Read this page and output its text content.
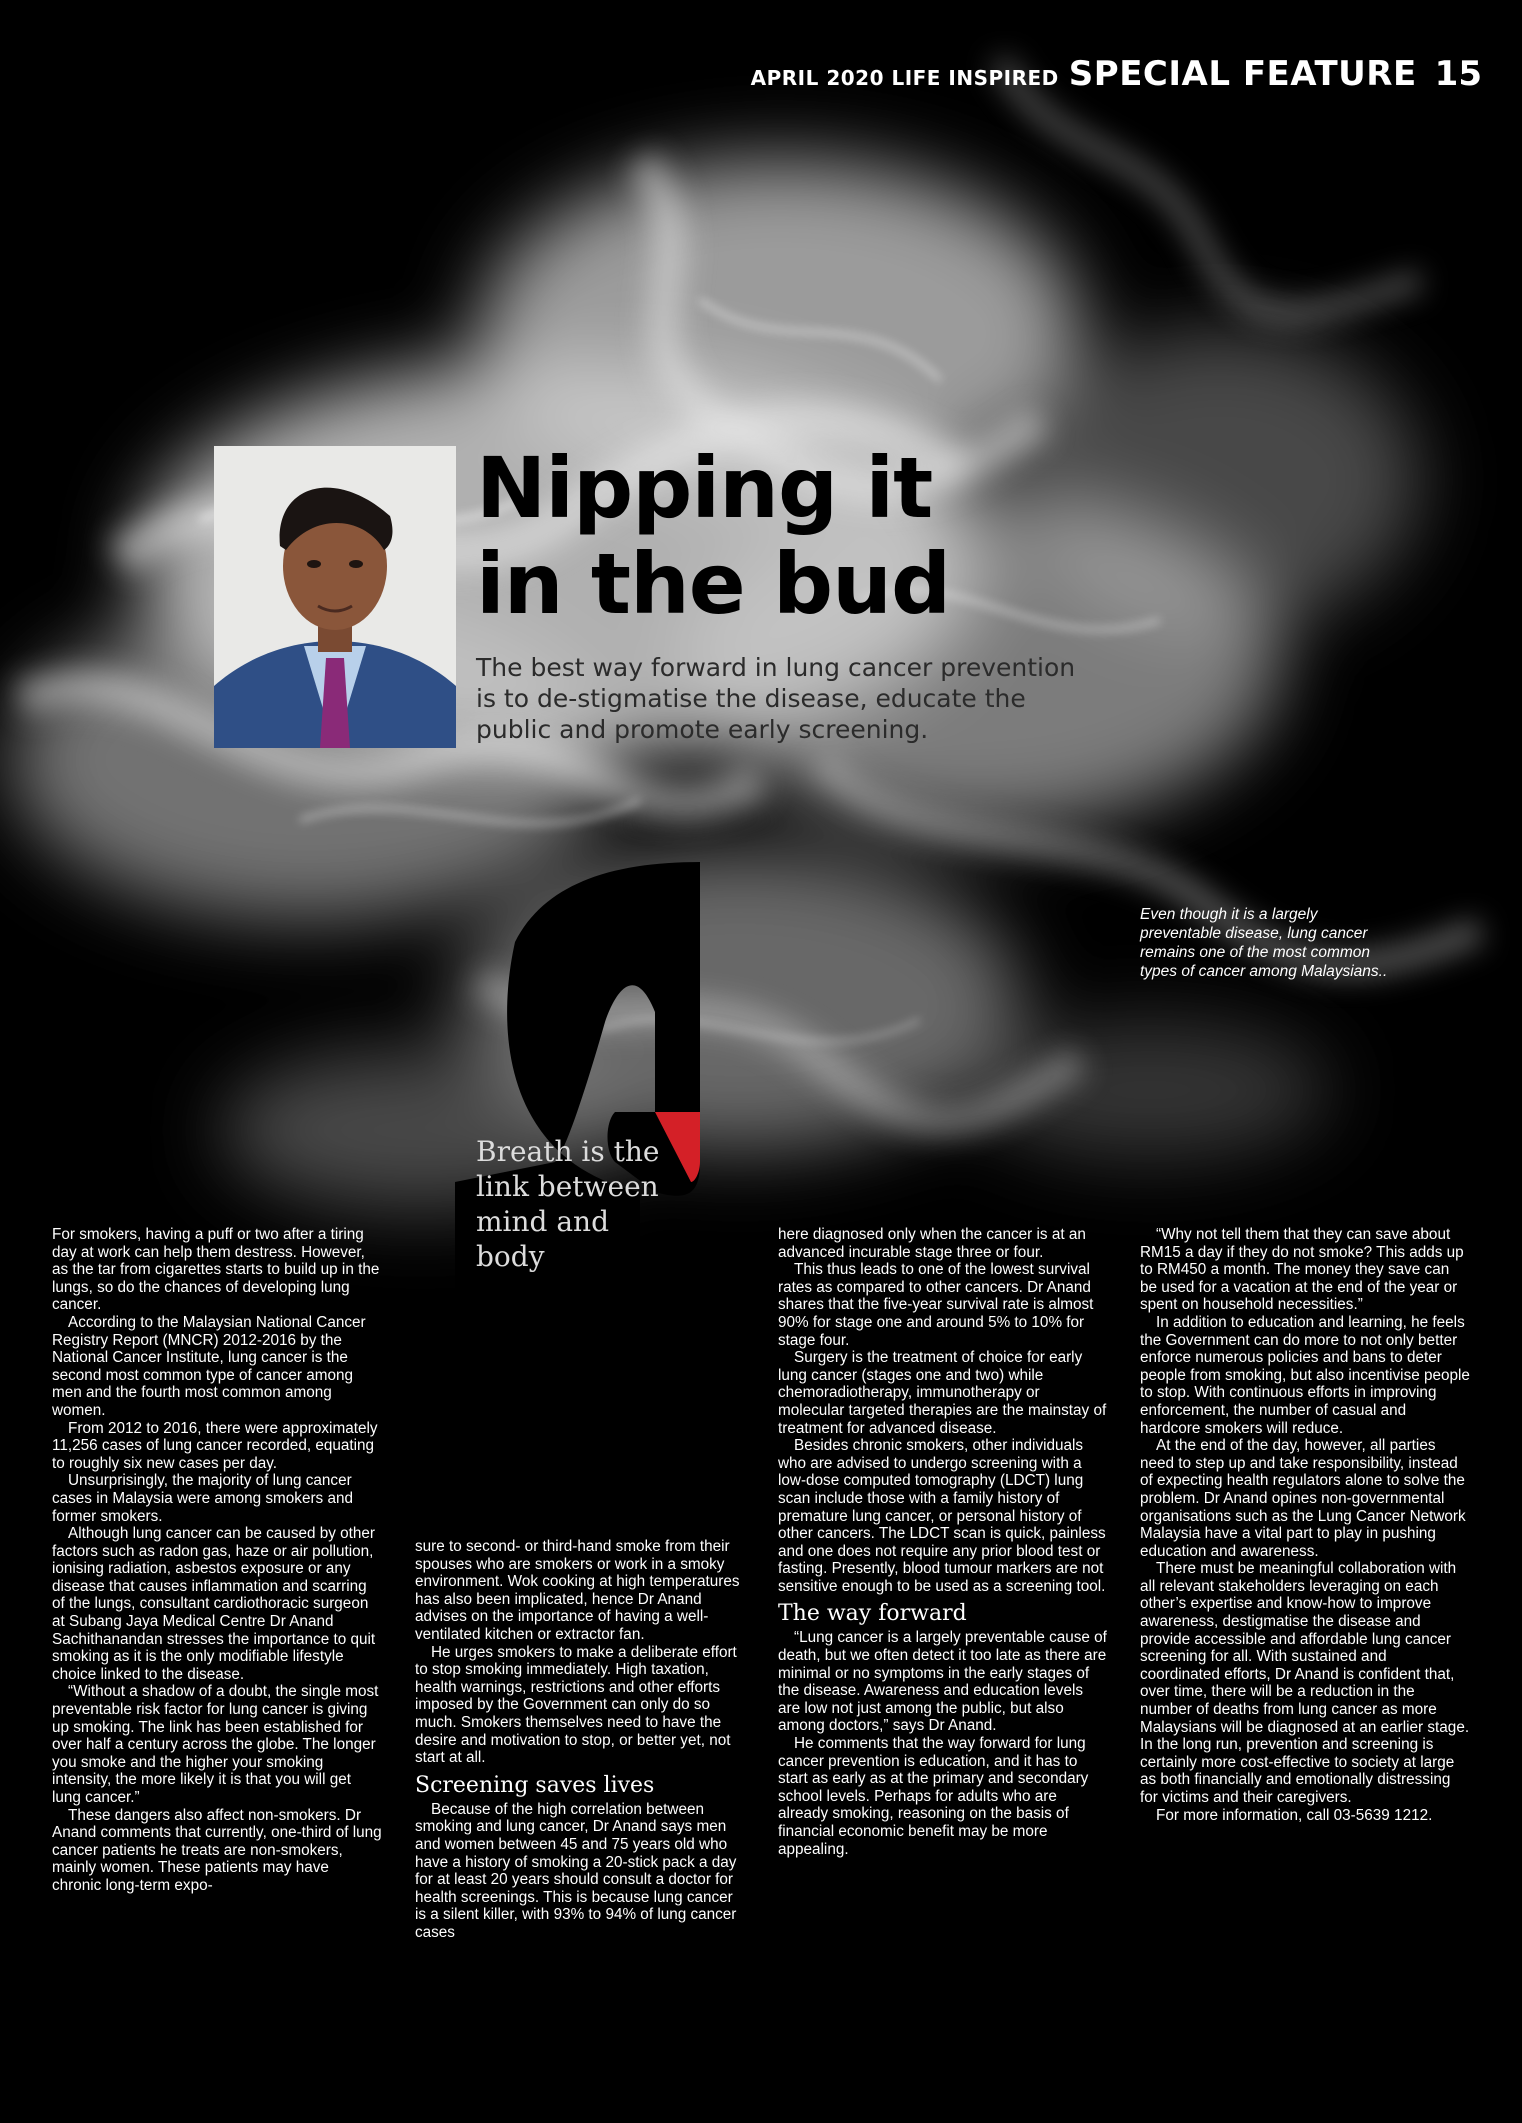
APRIL 2020 LIFE INSPIRED SPECIAL FEATURE 15
Nipping it
in the bud

The best way forward in lung cancer prevention is to de-stigmatise the disease, educate the public and promote early screening.

Even though it is a largely preventable disease, lung cancer remains one of the most common types of cancer among Malaysians..

Breath is the link between mind and body

For smokers, having a puff or two after a tiring day at work can help them destress. However, as the tar from cigarettes starts to build up in the lungs, so do the chances of developing lung cancer.

According to the Malaysian National Cancer Registry Report (MNCR) 2012-2016 by the National Cancer Institute, lung cancer is the second most common type of cancer among men and the fourth most common among women.

From 2012 to 2016, there were approximately 11,256 cases of lung cancer recorded, equating to roughly six new cases per day.

Unsurprisingly, the majority of lung cancer cases in Malaysia were among smokers and former smokers.

Although lung cancer can be caused by other factors such as radon gas, haze or air pollution, ionising radiation, asbestos exposure or any disease that causes inflammation and scarring of the lungs, consultant cardiothoracic surgeon at Subang Jaya Medical Centre Dr Anand Sachithanandan stresses the importance to quit smoking as it is the only modifiable lifestyle choice linked to the disease.

“Without a shadow of a doubt, the single most preventable risk factor for lung cancer is giving up smoking. The link has been established for over half a century across the globe. The longer you smoke and the higher your smoking intensity, the more likely it is that you will get lung cancer.”

These dangers also affect non-smokers. Dr Anand comments that currently, one-third of lung cancer patients he treats are non-smokers, mainly women. These patients may have chronic long-term expo-

sure to second- or third-hand smoke from their spouses who are smokers or work in a smoky environment. Wok cooking at high temperatures has also been implicated, hence Dr Anand advises on the importance of having a well-ventilated kitchen or extractor fan.

He urges smokers to make a deliberate effort to stop smoking immediately. High taxation, health warnings, restrictions and other efforts imposed by the Government can only do so much. Smokers themselves need to have the desire and motivation to stop, or better yet, not start at all.

Screening saves lives

Because of the high correlation between smoking and lung cancer, Dr Anand says men and women between 45 and 75 years old who have a history of smoking a 20-stick pack a day for at least 20 years should consult a doctor for health screenings. This is because lung cancer is a silent killer, with 93% to 94% of lung cancer cases

here diagnosed only when the cancer is at an advanced incurable stage three or four.

This thus leads to one of the lowest survival rates as compared to other cancers. Dr Anand shares that the five-year survival rate is almost 90% for stage one and around 5% to 10% for stage four.

Surgery is the treatment of choice for early lung cancer (stages one and two) while chemoradiotherapy, immunotherapy or molecular targeted therapies are the mainstay of treatment for advanced disease.

Besides chronic smokers, other individuals who are advised to undergo screening with a low-dose computed tomography (LDCT) lung scan include those with a family history of premature lung cancer, or personal history of other cancers. The LDCT scan is quick, painless and one does not require any prior blood test or fasting. Presently, blood tumour markers are not sensitive enough to be used as a screening tool.

The way forward

“Lung cancer is a largely preventable cause of death, but we often detect it too late as there are minimal or no symptoms in the early stages of the disease. Awareness and education levels are low not just among the public, but also among doctors,” says Dr Anand.

He comments that the way forward for lung cancer prevention is education, and it has to start as early as at the primary and secondary school levels. Perhaps for adults who are already smoking, reasoning on the basis of financial economic benefit may be more appealing.

“Why not tell them that they can save about RM15 a day if they do not smoke? This adds up to RM450 a month. The money they save can be used for a vacation at the end of the year or spent on household necessities.”

In addition to education and learning, he feels the Government can do more to not only better enforce numerous policies and bans to deter people from smoking, but also incentivise people to stop. With continuous efforts in improving enforcement, the number of casual and hardcore smokers will reduce.

At the end of the day, however, all parties need to step up and take responsibility, instead of expecting health regulators alone to solve the problem. Dr Anand opines non-governmental organisations such as the Lung Cancer Network Malaysia have a vital part to play in pushing education and awareness.

There must be meaningful collaboration with all relevant stakeholders leveraging on each other’s expertise and know-how to improve awareness, destigmatise the disease and provide accessible and affordable lung cancer screening for all. With sustained and coordinated efforts, Dr Anand is confident that, over time, there will be a reduction in the number of deaths from lung cancer as more Malaysians will be diagnosed at an earlier stage. In the long run, prevention and screening is certainly more cost-effective to society at large as both financially and emotionally distressing for victims and their caregivers.

For more information, call 03-5639 1212.
